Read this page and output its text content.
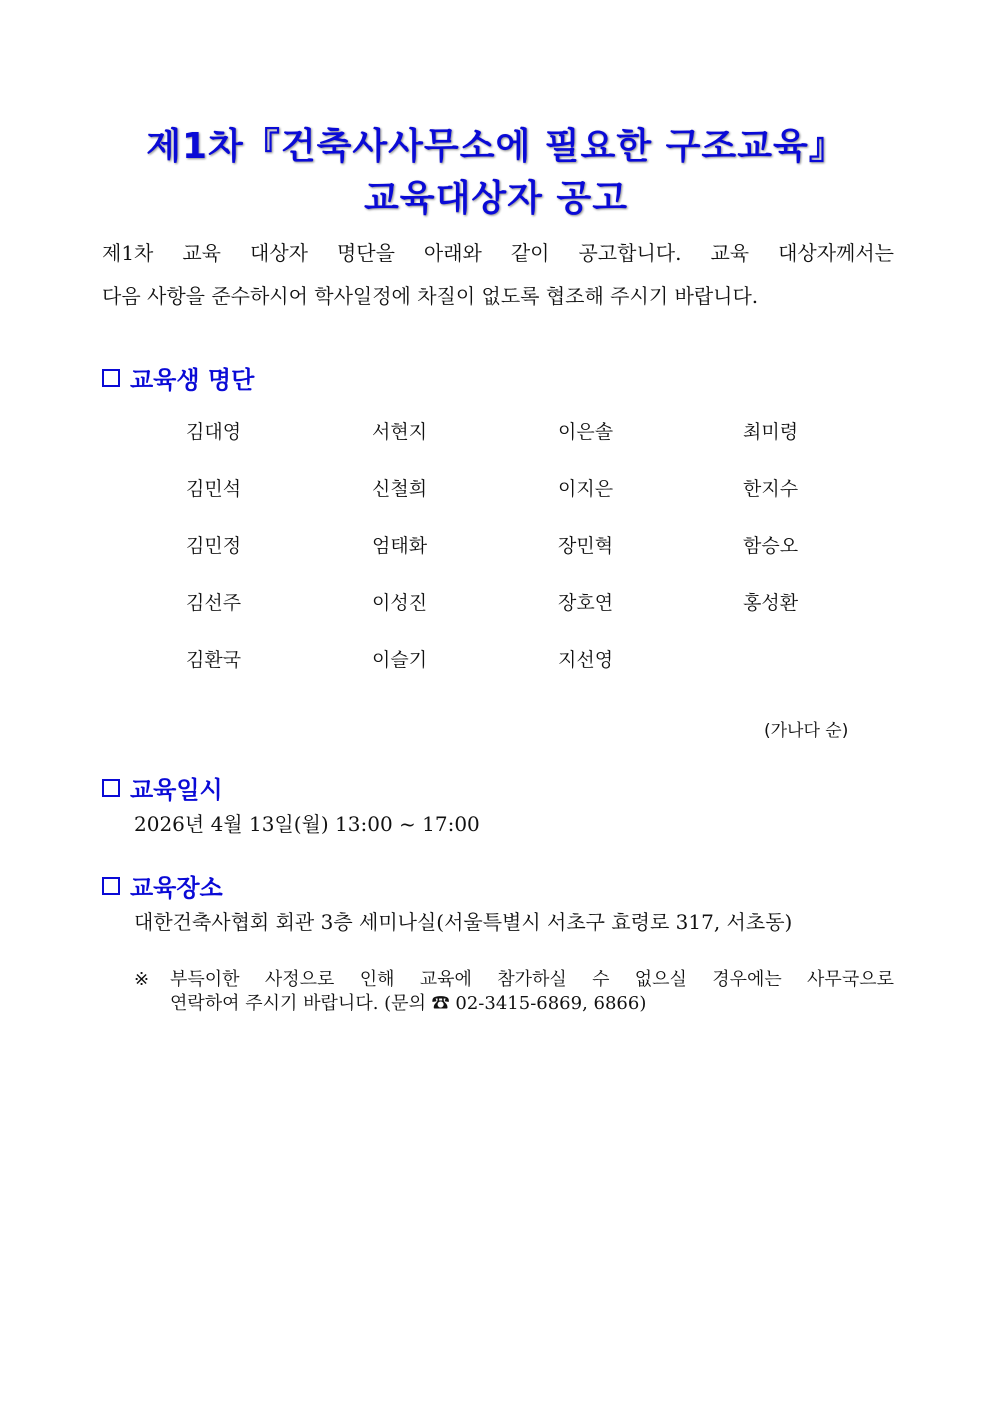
제1차『건축사사무소에 필요한 구조교육』
교육대상자 공고
제1차 교육 대상자 명단을 아래와 같이 공고합니다. 교육 대상자께서는
다음 사항을 준수하시어 학사일정에 차질이 없도록 협조해 주시기 바랍니다.
교육생 명단
김대영	서현지	이은솔	최미령
김민석	신철희	이지은	한지수
김민정	엄태화	장민혁	함승오
김선주	이성진	장호연	홍성환
김환국	이슬기	지선영
(가나다 순)
교육일시
2026년 4월 13일(월) 13:00 ~ 17:00
교육장소
대한건축사협회 회관 3층 세미나실(서울특별시 서초구 효령로 317, 서초동)
※	부득이한 사정으로 인해 교육에 참가하실 수 없으실 경우에는 사무국으로
연락하여 주시기 바랍니다. (문의 ☎ 02-3415-6869, 6866)
